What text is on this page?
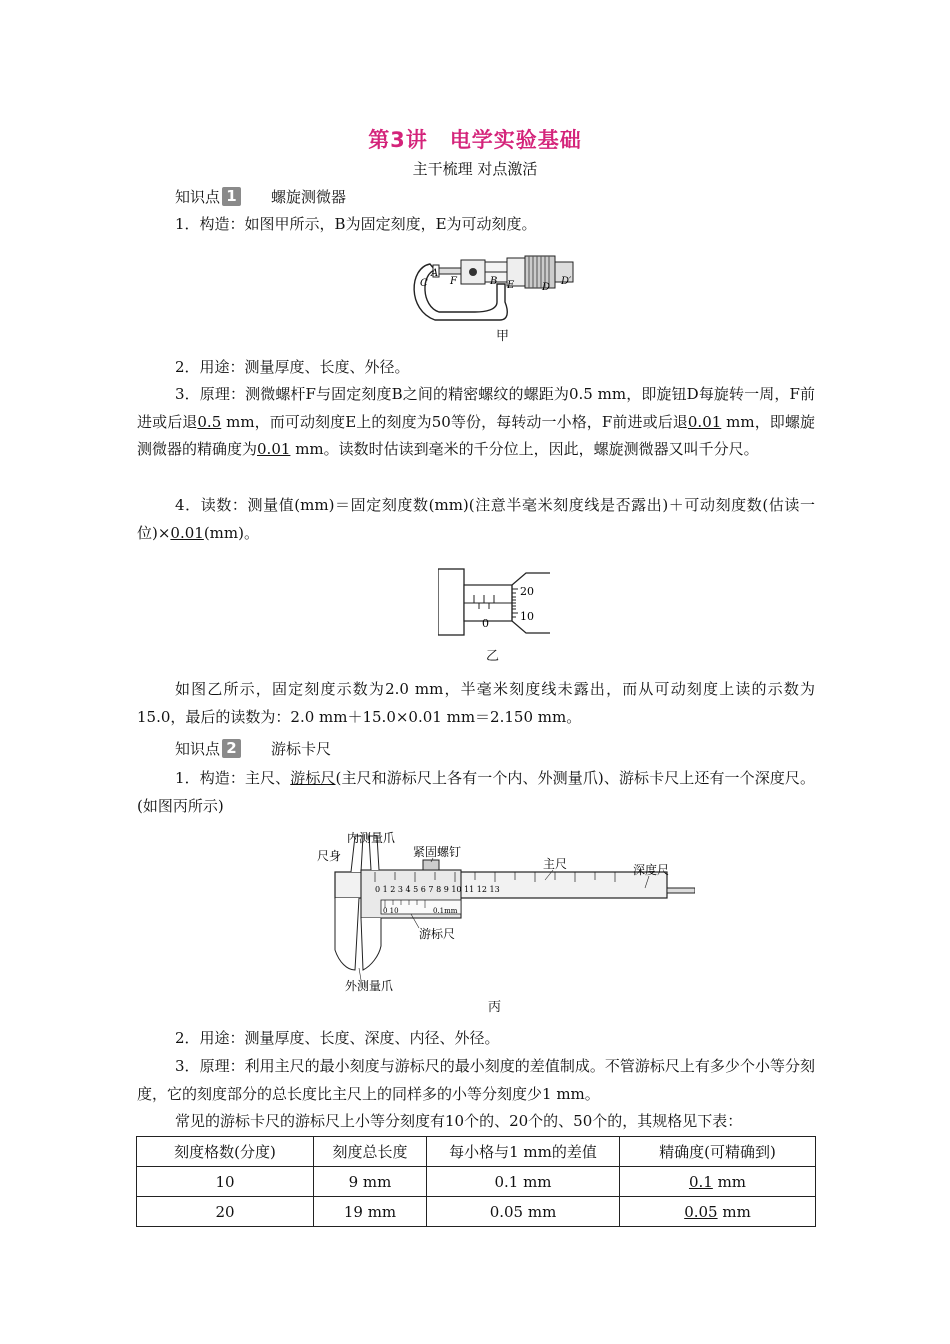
第3讲 电学实验基础
主干梳理 对点激活
知识点 1 螺旋测微器
1．构造：如图甲所示，B为固定刻度，E为可动刻度。
A
C F	B E	D
D′
甲
2．用途：测量厚度、长度、外径。
3．原理：测微螺杆F与固定刻度B之间的精密螺纹的螺距为0.5 mm，即旋钮D每旋转一周，F前进或后退0.5 mm，而可动刻度E上的刻度为50等份，每转动一小格，F前进或后退0.01 mm，即螺旋测微器的精确度为0.01 mm。读数时估读到毫米的千分位上，因此，螺旋测微器又叫千分尺。
4．读数：测量值(mm)＝固定刻度数(mm)(注意半毫米刻度线是否露出)＋可动刻度数(估读一位)×0.01(mm)。
20
10
0
乙
如图乙所示，固定刻度示数为2.0 mm，半毫米刻度线未露出，而从可动刻度上读的示数为15.0，最后的读数为：2.0 mm＋15.0×0.01 mm＝2.150 mm。
知识点 2 游标卡尺
1．构造：主尺、游标尺(主尺和游标尺上各有一个内、外测量爪)、游标卡尺上还有一个深度尺。(如图丙所示)
0 1 2 3 4 5 6 7 8 9 10 11 12 13
0 10	0.1mm
内测量爪
尺身	紧固螺钉
主尺	深度尺
游标尺
外测量爪
丙
2．用途：测量厚度、长度、深度、内径、外径。
3．原理：利用主尺的最小刻度与游标尺的最小刻度的差值制成。不管游标尺上有多少个小等分刻度，它的刻度部分的总长度比主尺上的同样多的小等分刻度少1 mm。
常见的游标卡尺的游标尺上小等分刻度有10个的、20个的、50个的，其规格见下表：
刻度格数(分度)	刻度总长度	每小格与1 mm的差值	精确度(可精确到)
10	9 mm	0.1 mm	0.1 mm
20	19 mm	0.05 mm	0.05 mm
